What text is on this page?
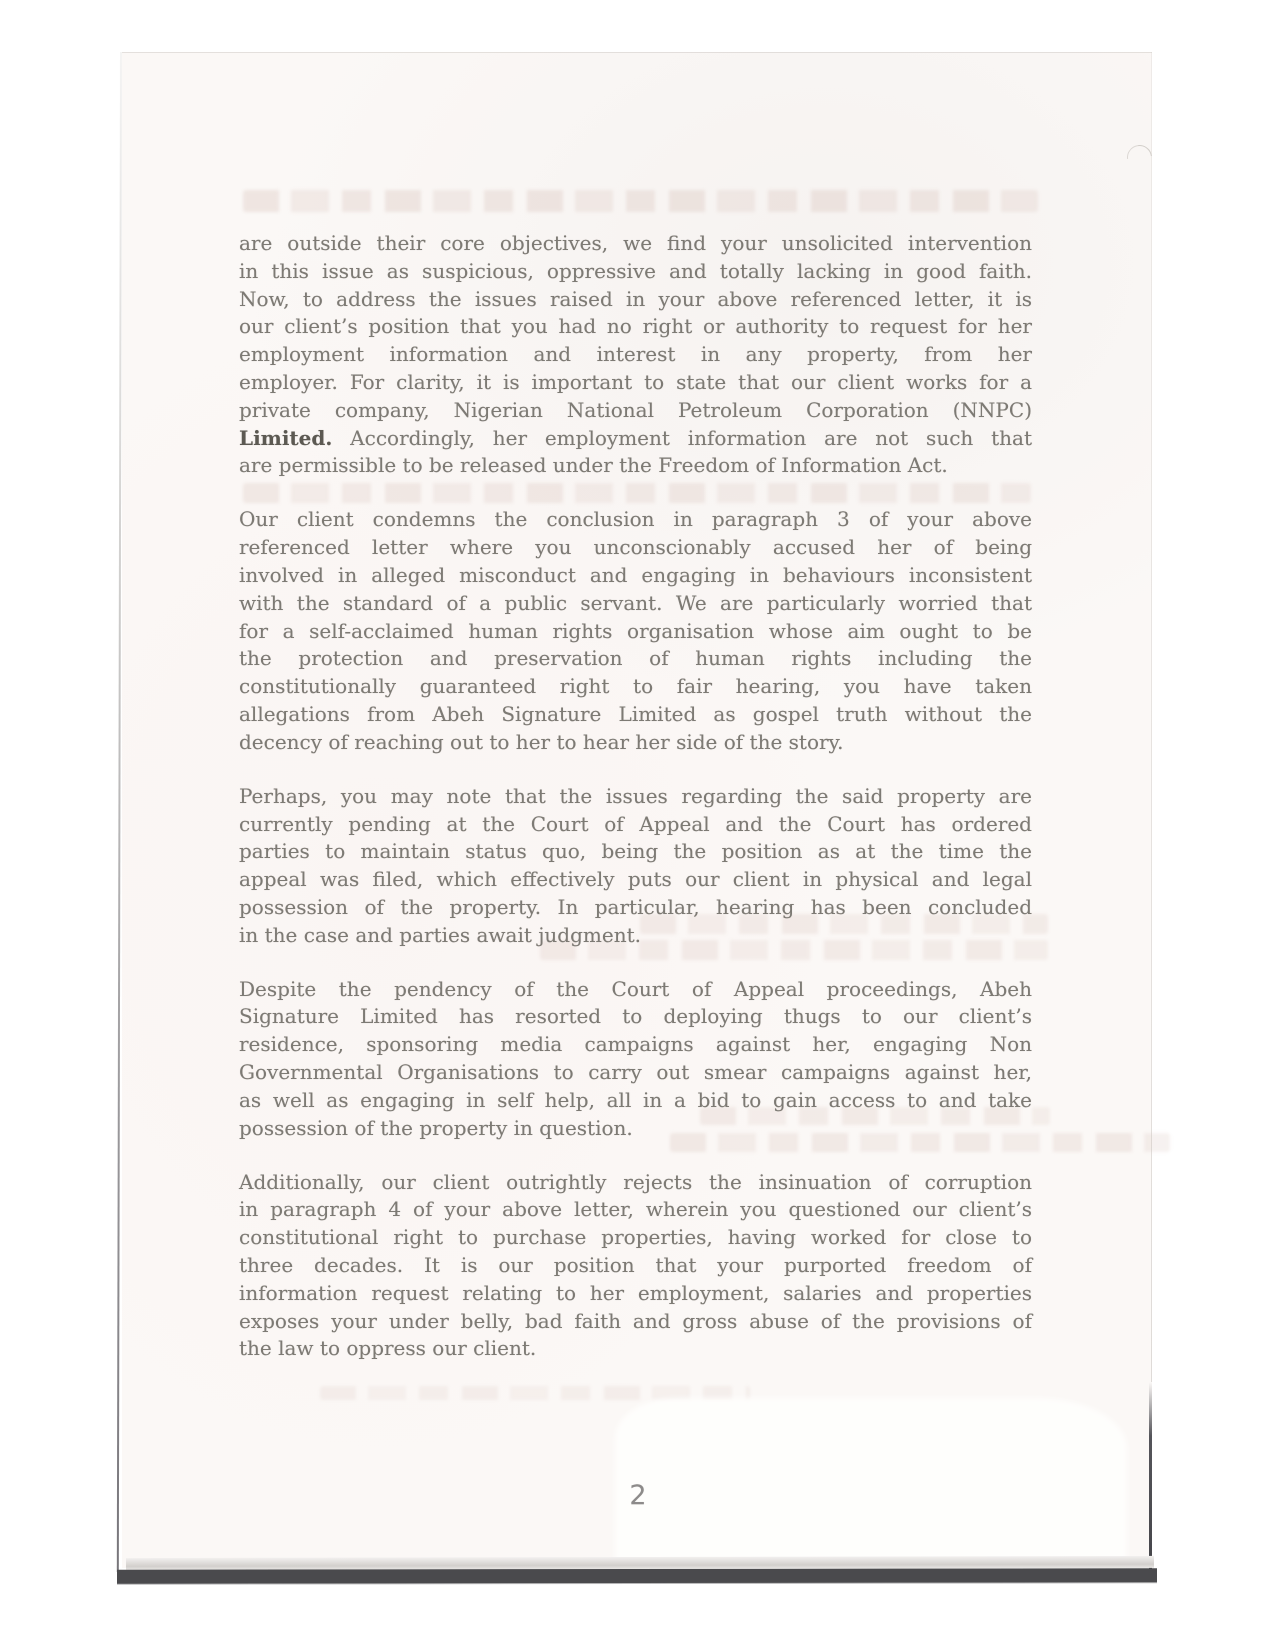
are outside their core objectives, we find your unsolicited intervention
in this issue as suspicious, oppressive and totally lacking in good faith.
Now, to address the issues raised in your above referenced letter, it is
our client’s position that you had no right or authority to request for her
employment information and interest in any property, from her
employer. For clarity, it is important to state that our client works for a
private company, Nigerian National Petroleum Corporation (NNPC)
Limited. Accordingly, her employment information are not such that
are permissible to be released under the Freedom of Information Act.
Our client condemns the conclusion in paragraph 3 of your above
referenced letter where you unconscionably accused her of being
involved in alleged misconduct and engaging in behaviours inconsistent
with the standard of a public servant. We are particularly worried that
for a self-acclaimed human rights organisation whose aim ought to be
the protection and preservation of human rights including the
constitutionally guaranteed right to fair hearing, you have taken
allegations from Abeh Signature Limited as gospel truth without the
decency of reaching out to her to hear her side of the story.
Perhaps, you may note that the issues regarding the said property are
currently pending at the Court of Appeal and the Court has ordered
parties to maintain status quo, being the position as at the time the
appeal was filed, which effectively puts our client in physical and legal
possession of the property. In particular, hearing has been concluded
in the case and parties await judgment.
Despite the pendency of the Court of Appeal proceedings, Abeh
Signature Limited has resorted to deploying thugs to our client’s
residence, sponsoring media campaigns against her, engaging Non
Governmental Organisations to carry out smear campaigns against her,
as well as engaging in self help, all in a bid to gain access to and take
possession of the property in question.
Additionally, our client outrightly rejects the insinuation of corruption
in paragraph 4 of your above letter, wherein you questioned our client’s
constitutional right to purchase properties, having worked for close to
three decades. It is our position that your purported freedom of
information request relating to her employment, salaries and properties
exposes your under belly, bad faith and gross abuse of the provisions of
the law to oppress our client.
2
